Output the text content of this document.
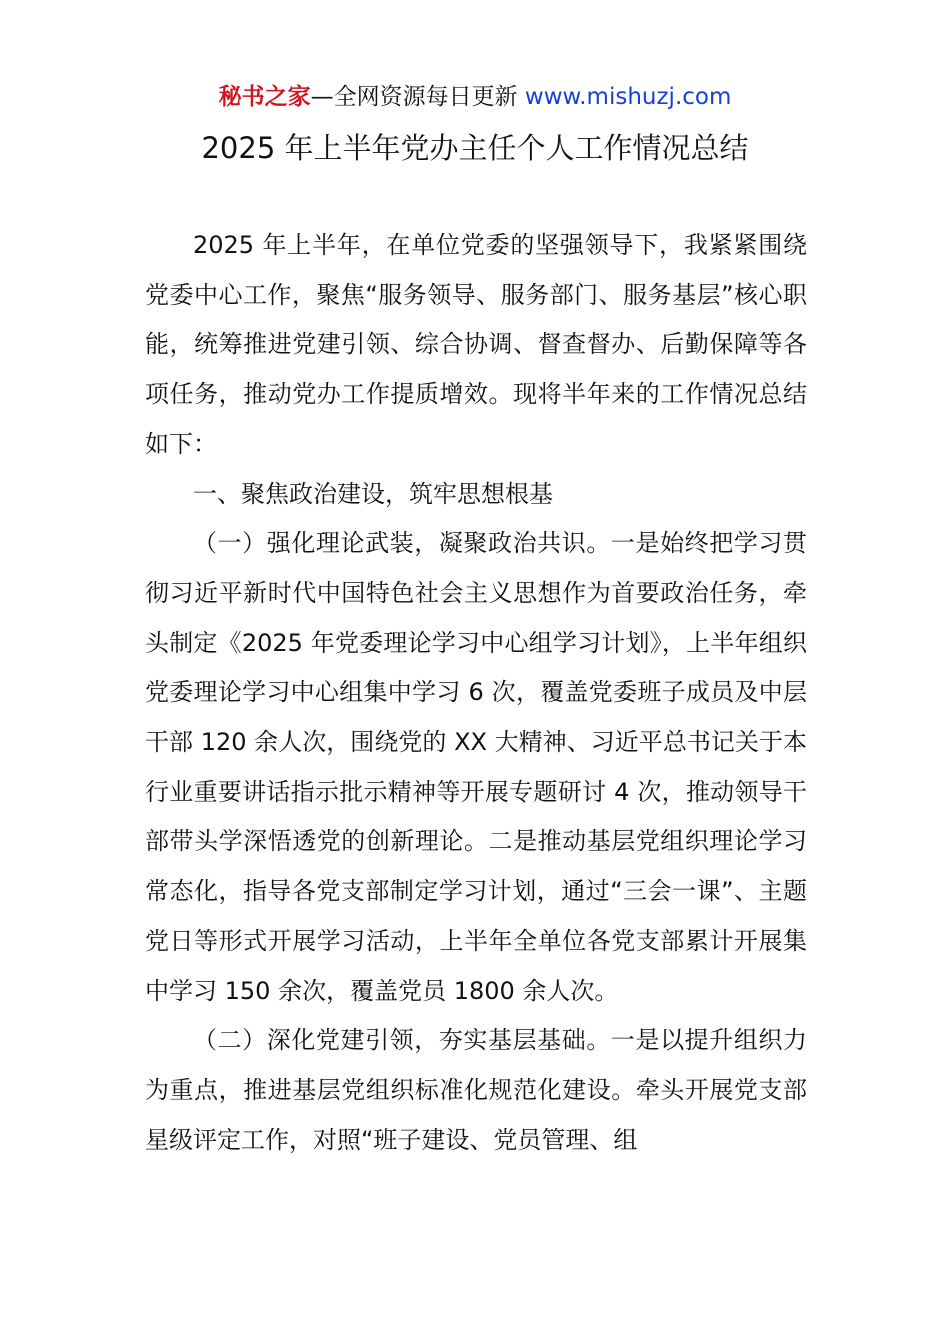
秘书之家—全网资源每日更新 www.mishuzj.com
2025 年上半年党办主任个人工作情况总结

2025 年上半年，在单位党委的坚强领导下，我紧紧围绕党委中心工作，聚焦“服务领导、服务部门、服务基层”核心职能，统筹推进党建引领、综合协调、督查督办、后勤保障等各项任务，推动党办工作提质增效。现将半年来的工作情况总结如下：

一、聚焦政治建设，筑牢思想根基

（一）强化理论武装，凝聚政治共识。一是始终把学习贯彻习近平新时代中国特色社会主义思想作为首要政治任务，牵头制定《2025 年党委理论学习中心组学习计划》，上半年组织党委理论学习中心组集中学习 6 次，覆盖党委班子成员及中层干部 120 余人次，围绕党的 XX 大精神、习近平总书记关于本行业重要讲话指示批示精神等开展专题研讨 4 次，推动领导干部带头学深悟透党的创新理论。二是推动基层党组织理论学习常态化，指导各党支部制定学习计划，通过“三会一课”、主题党日等形式开展学习活动，上半年全单位各党支部累计开展集中学习 150 余次，覆盖党员 1800 余人次。

（二）深化党建引领，夯实基层基础。一是以提升组织力为重点，推进基层党组织标准化规范化建设。牵头开展党支部星级评定工作，对照“班子建设、党员管理、组
